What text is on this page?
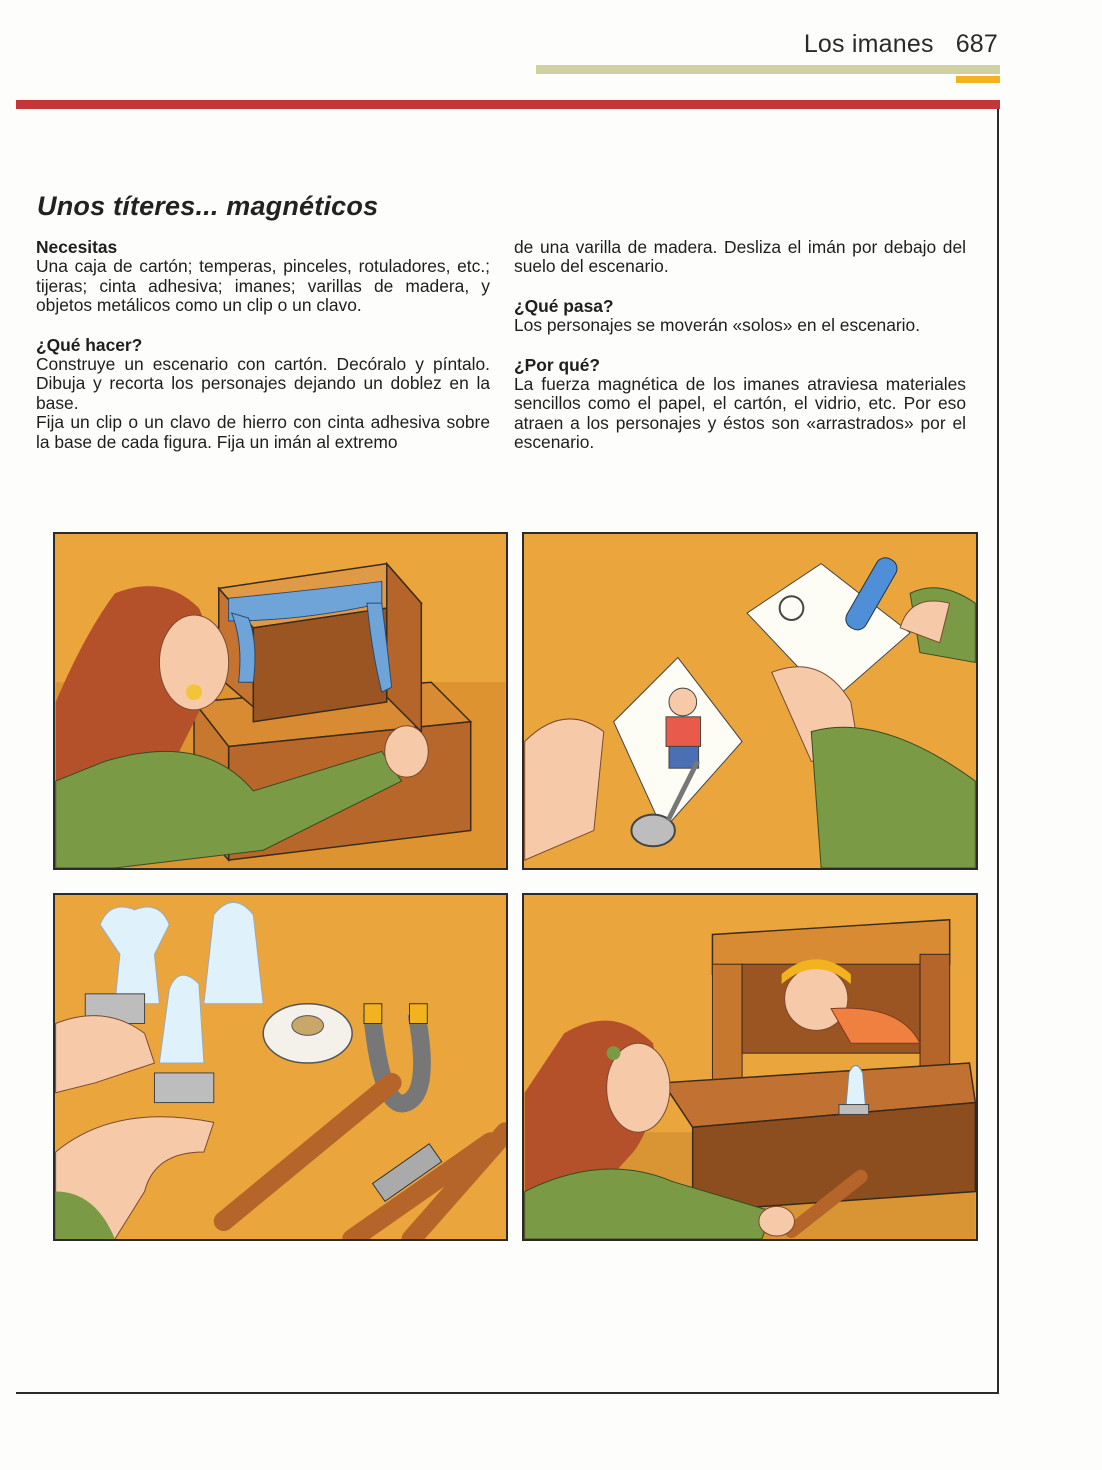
Los imanes 687
Unos títeres... magnéticos
Necesitas

Una caja de cartón; temperas, pinceles, rotuladores, etc.; tijeras; cinta adhesiva; imanes; varillas de madera, y objetos metálicos como un clip o un clavo.

¿Qué hacer?

Construye un escenario con cartón. Decóralo y píntalo. Dibuja y recorta los personajes dejando un doblez en la base.

Fija un clip o un clavo de hierro con cinta adhesiva sobre la base de cada figura. Fija un imán al extremo

de una varilla de madera. Desliza el imán por debajo del suelo del escenario.

¿Qué pasa?

Los personajes se moverán «solos» en el escenario.

¿Por qué?

La fuerza magnética de los imanes atraviesa materiales sencillos como el papel, el cartón, el vidrio, etc. Por eso atraen a los personajes y éstos son «arrastrados» por el escenario.
